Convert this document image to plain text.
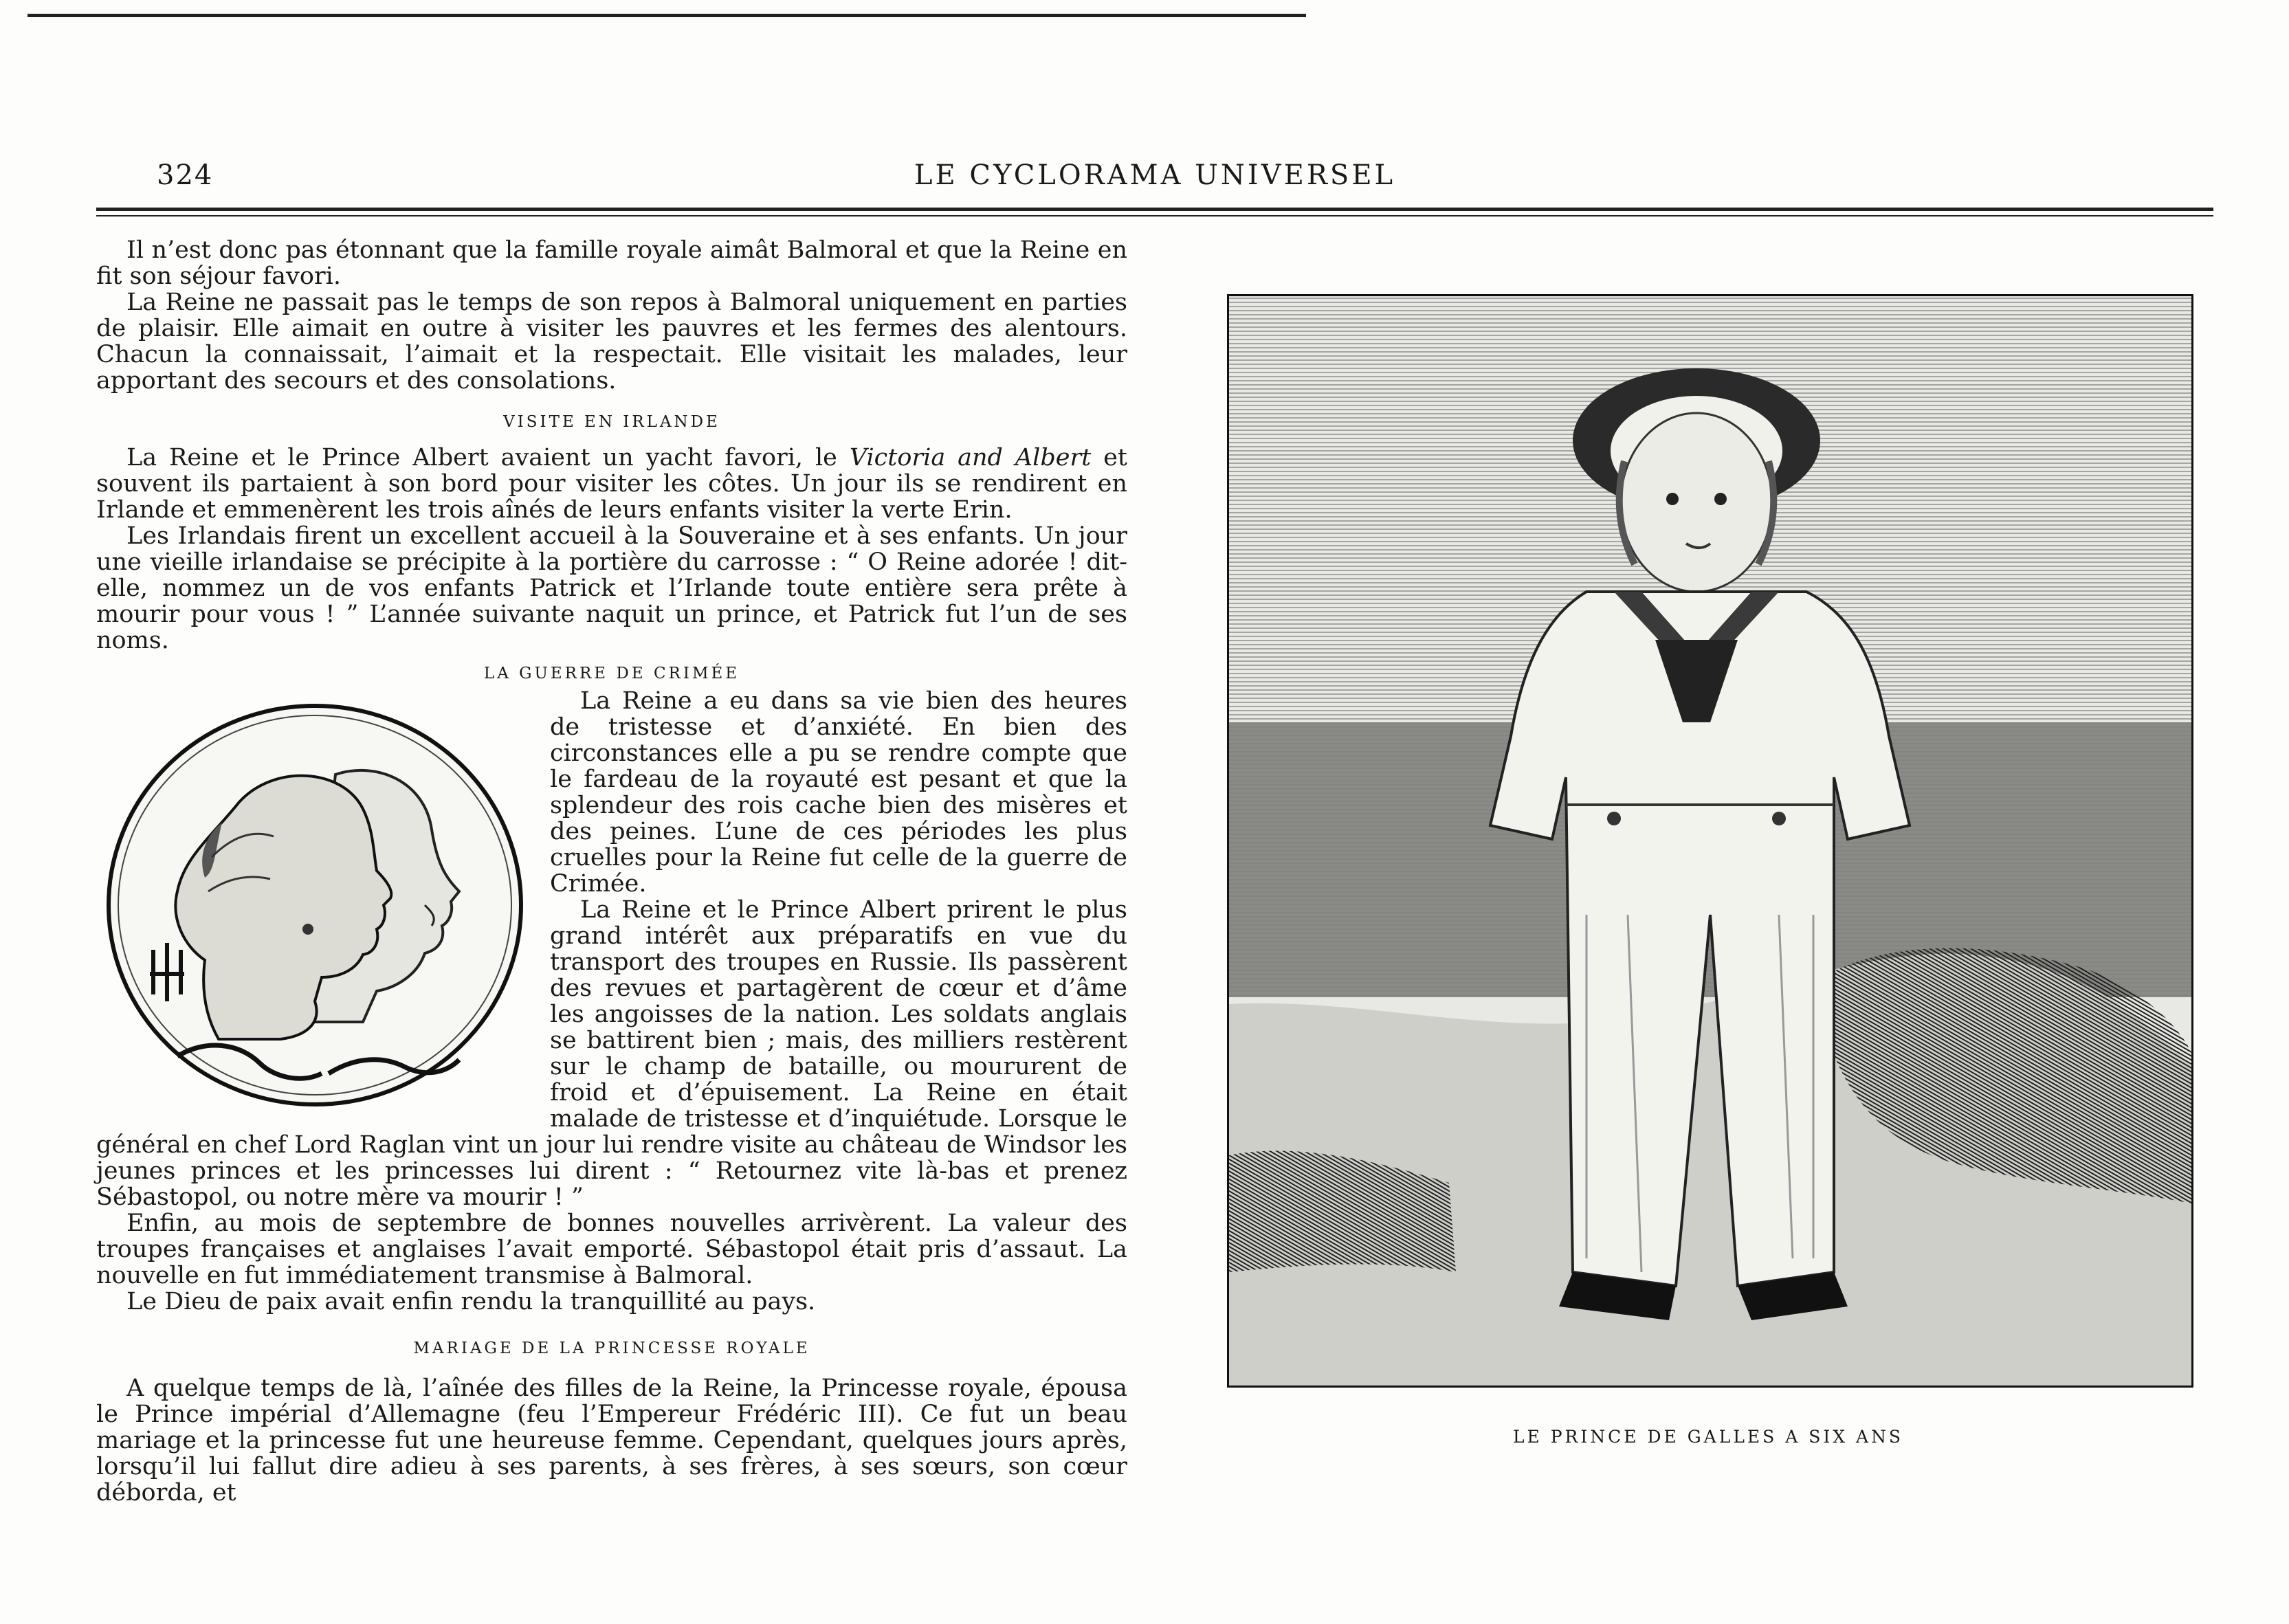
324	LE CYCLORAMA UNIVERSEL

Il n’est donc pas étonnant que la famille royale aimât Balmoral et que la Reine en fit son séjour favori.

La Reine ne passait pas le temps de son repos à Balmoral uniquement en parties de plaisir. Elle aimait en outre à visiter les pauvres et les fermes des alentours. Chacun la connaissait, l’aimait et la respectait. Elle visitait les malades, leur apportant des secours et des consolations.

VISITE EN IRLANDE

La Reine et le Prince Albert avaient un yacht favori, le Victoria and Albert et souvent ils partaient à son bord pour visiter les côtes. Un jour ils se rendirent en Irlande et emmenèrent les trois aînés de leurs enfants visiter la verte Erin.

Les Irlandais firent un excellent accueil à la Souveraine et à ses enfants. Un jour une vieille irlandaise se précipite à la portière du carrosse : “ O Reine adorée ! dit-elle, nommez un de vos enfants Patrick et l’Irlande toute entière sera prête à mourir pour vous ! ” L’année suivante naquit un prince, et Patrick fut l’un de ses noms.

LA GUERRE DE CRIMÉE

La Reine a eu dans sa vie bien des heures de tristesse et d’anxiété. En bien des circonstances elle a pu se rendre compte que le fardeau de la royauté est pesant et que la splendeur des rois cache bien des misères et des peines. L’une de ces périodes les plus cruelles pour la Reine fut celle de la guerre de Crimée.

La Reine et le Prince Albert prirent le plus grand intérêt aux préparatifs en vue du transport des troupes en Russie. Ils passèrent des revues et partagèrent de cœur et d’âme les angoisses de la nation. Les soldats anglais se battirent bien ; mais, des milliers restèrent sur le champ de bataille, ou moururent de froid et d’épuisement. La Reine en était malade de tristesse et d’inquiétude. Lorsque le général en chef Lord Raglan vint un jour lui rendre visite au château de Windsor les jeunes princes et les princesses lui dirent : “ Retournez vite là-bas et prenez Sébastopol, ou notre mère va mourir ! ”

Enfin, au mois de septembre de bonnes nouvelles arrivèrent. La valeur des troupes françaises et anglaises l’avait emporté. Sébastopol était pris d’assaut. La nouvelle en fut immédiatement transmise à Balmoral.

Le Dieu de paix avait enfin rendu la tranquillité au pays.

MARIAGE DE LA PRINCESSE ROYALE

A quelque temps de là, l’aînée des filles de la Reine, la Princesse royale, épousa le Prince impérial d’Allemagne (feu l’Empereur Frédéric III). Ce fut un beau mariage et la princesse fut une heureuse femme. Cependant, quelques jours après, lorsqu’il lui fallut dire adieu à ses parents, à ses frères, à ses sœurs, son cœur déborda, et

LE PRINCE DE GALLES A SIX ANS
